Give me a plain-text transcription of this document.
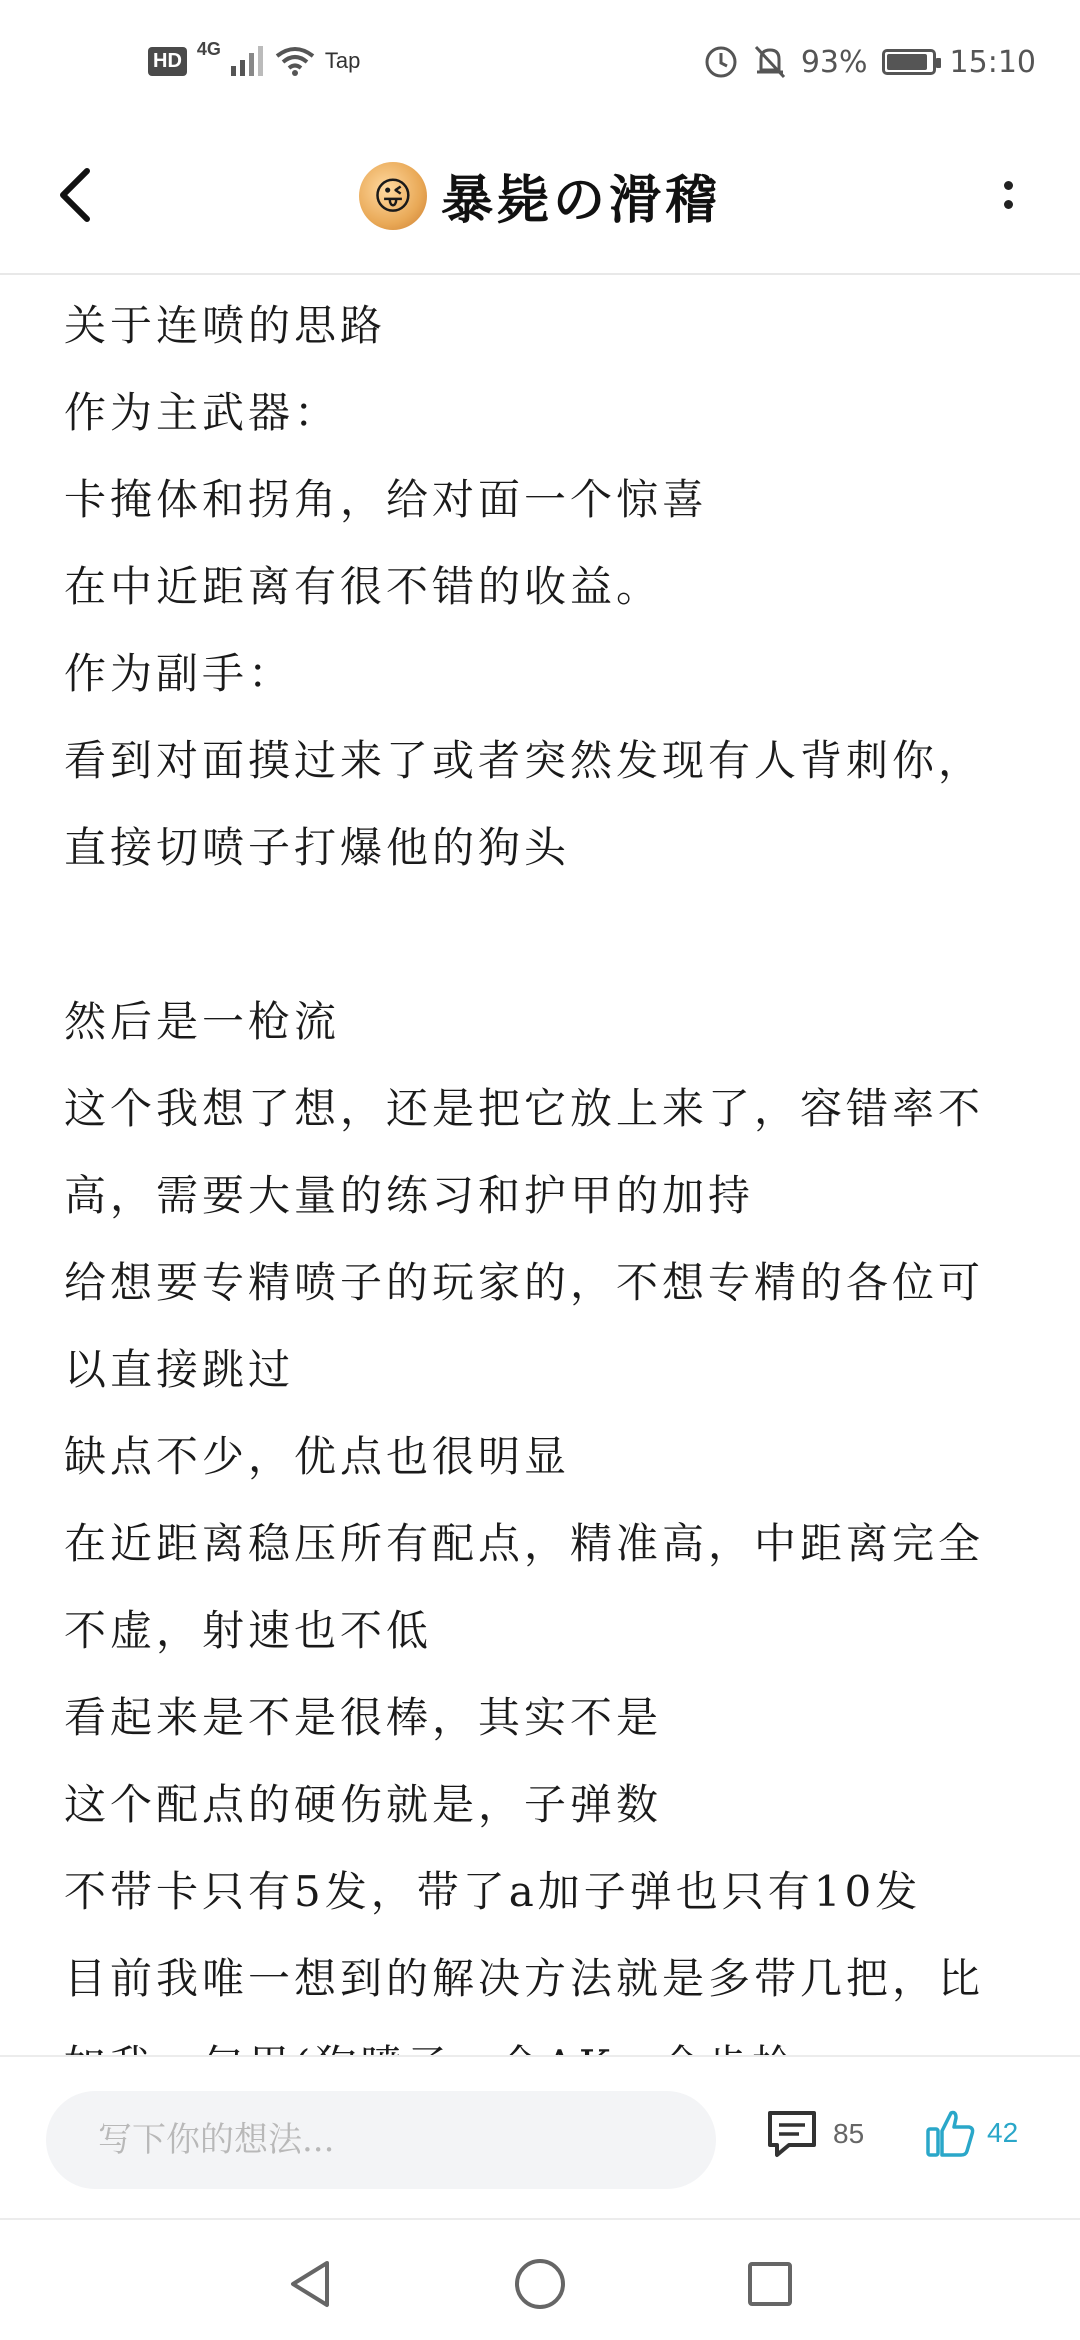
HD
4G	Tap	93%	15:10
😜 暴毙の滑稽
关于连喷的思路
作为主武器：
卡掩体和拐角，给对面一个惊喜
在中近距离有很不错的收益。
作为副手：
看到对面摸过来了或者突然发现有人背刺你，
直接切喷子打爆他的狗头
然后是一枪流
这个我想了想，还是把它放上来了，容错率不
高，需要大量的练习和护甲的加持
给想要专精喷子的玩家的，不想专精的各位可
以直接跳过
缺点不少，优点也很明显
在近距离稳压所有配点，精准高，中距离完全
不虚，射速也不低
看起来是不是很棒，其实不是
这个配点的硬伤就是，子弹数
不带卡只有5发，带了a加子弹也只有10发
目前我唯一想到的解决方法就是多带几把，比
写下你的想法...
85	42
